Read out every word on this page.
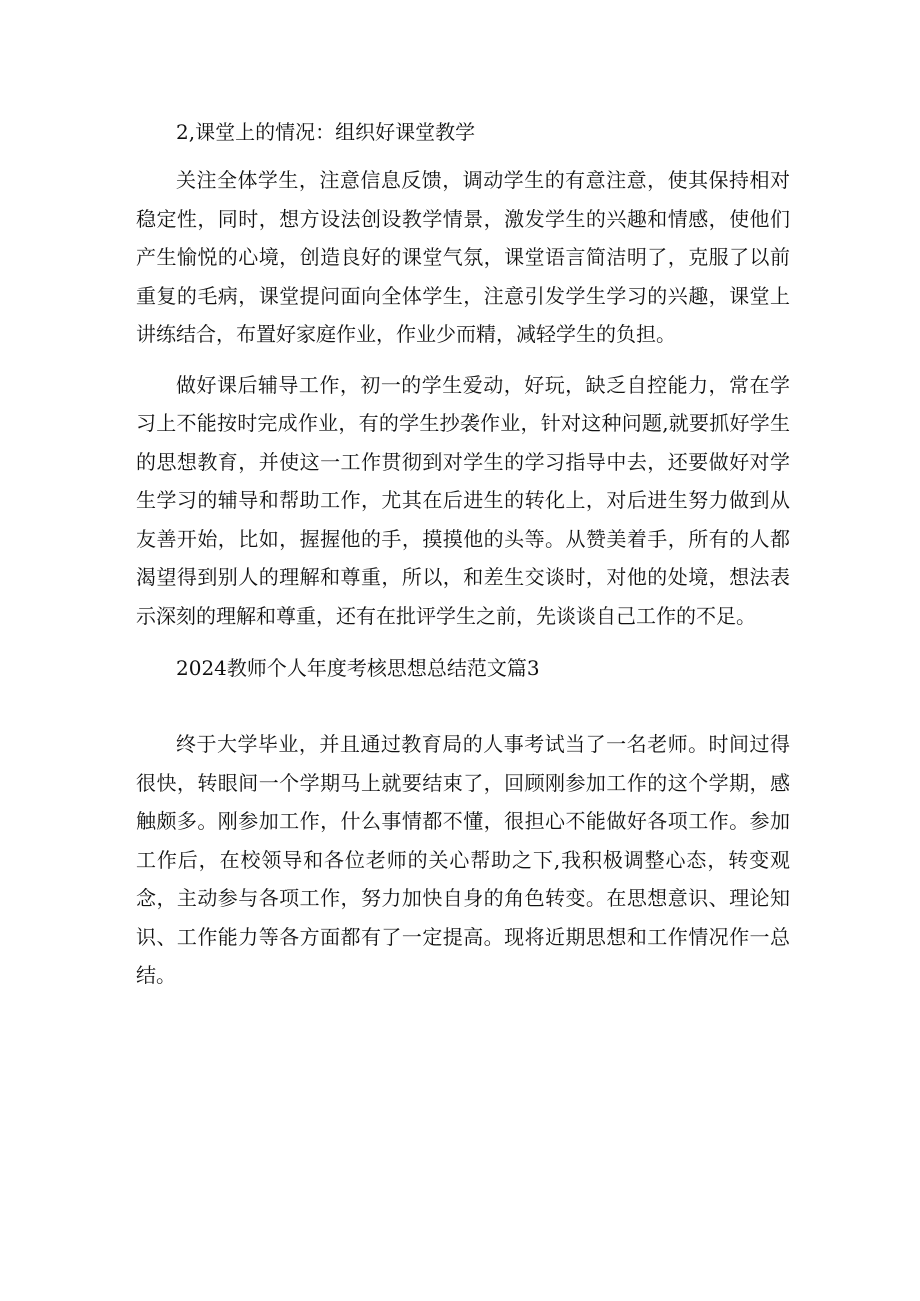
2,课堂上的情况：组织好课堂教学

关注全体学生，注意信息反馈，调动学生的有意注意，使其保持相对稳定性，同时，想方设法创设教学情景，激发学生的兴趣和情感，使他们产生愉悦的心境，创造良好的课堂气氛，课堂语言简洁明了，克服了以前重复的毛病，课堂提问面向全体学生，注意引发学生学习的兴趣，课堂上讲练结合，布置好家庭作业，作业少而精，减轻学生的负担。

做好课后辅导工作，初一的学生爱动，好玩，缺乏自控能力，常在学习上不能按时完成作业，有的学生抄袭作业，针对这种问题,就要抓好学生的思想教育，并使这一工作贯彻到对学生的学习指导中去，还要做好对学生学习的辅导和帮助工作，尤其在后进生的转化上，对后进生努力做到从友善开始，比如，握握他的手，摸摸他的头等。从赞美着手，所有的人都渴望得到别人的理解和尊重，所以，和差生交谈时，对他的处境，想法表示深刻的理解和尊重，还有在批评学生之前，先谈谈自己工作的不足。

2024教师个人年度考核思想总结范文篇3

终于大学毕业，并且通过教育局的人事考试当了一名老师。时间过得很快，转眼间一个学期马上就要结束了，回顾刚参加工作的这个学期，感触颇多。刚参加工作，什么事情都不懂，很担心不能做好各项工作。参加工作后，在校领导和各位老师的关心帮助之下,我积极调整心态，转变观念，主动参与各项工作，努力加快自身的角色转变。在思想意识、理论知识、工作能力等各方面都有了一定提高。现将近期思想和工作情况作一总结。
